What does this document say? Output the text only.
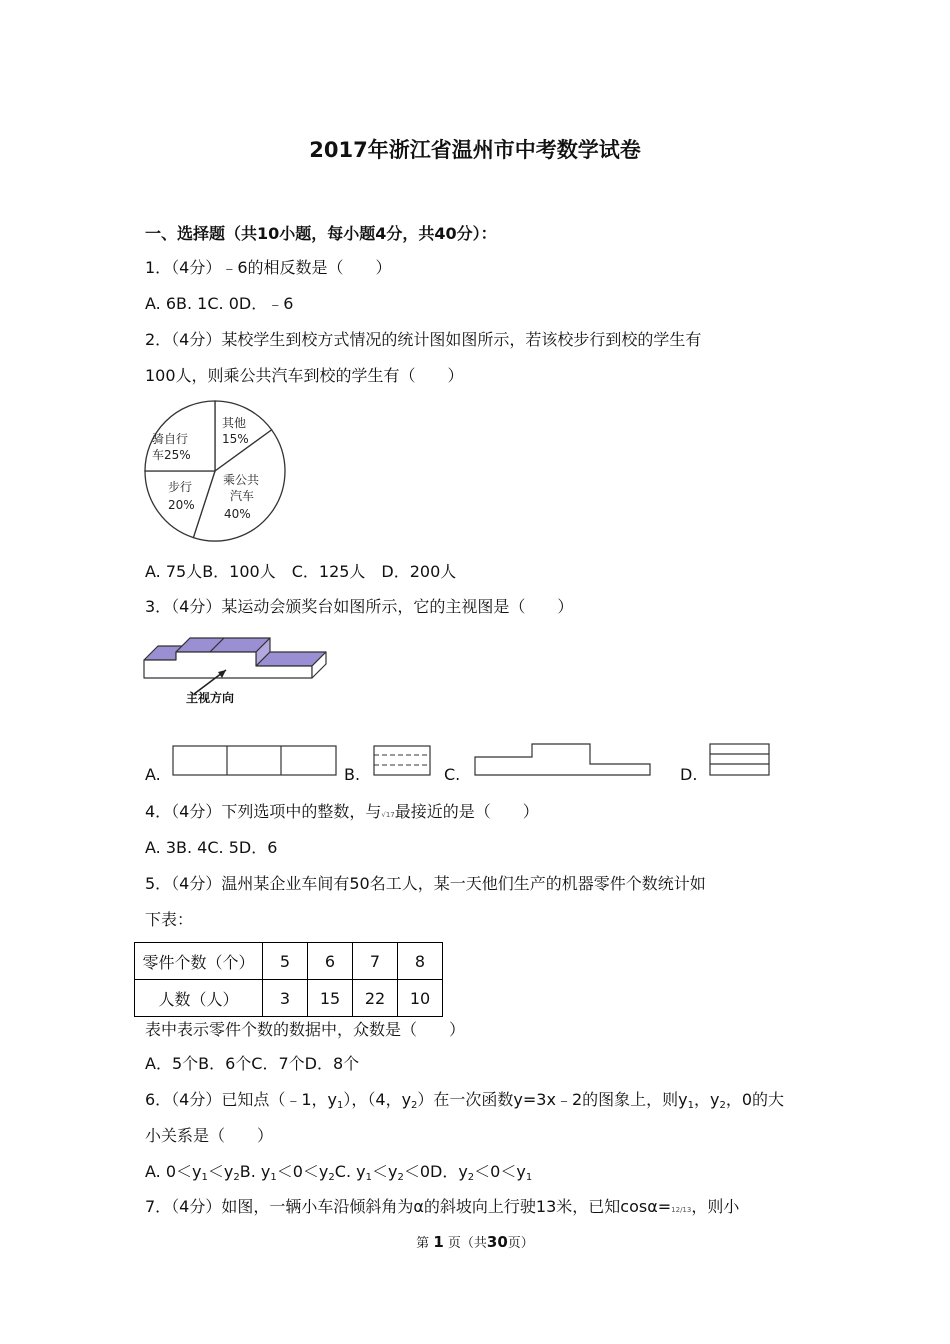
2017年浙江省温州市中考数学试卷
一、选择题（共10小题，每小题4分，共40分）：
1．（4分）﹣6的相反数是（　　）
A. 6B. 1C. 0D．﹣6
2．（4分）某校学生到校方式情况的统计图如图所示，若该校步行到校的学生有
100人，则乘公共汽车到校的学生有（　　）
其他
15%
乘公共
汽车
40%
步行
20%
骑自行
车25%
A. 75人B．100人　C．125人　D．200人
3．（4分）某运动会颁奖台如图所示，它的主视图是（　　）
主视方向
A.	B.	C.	D.
4．（4分）下列选项中的整数，与√17最接近的是（　　）
A. 3B. 4C. 5D．6
5．（4分）温州某企业车间有50名工人，某一天他们生产的机器零件个数统计如
下表：
零件个数（个）	5	6	7	8
人数（人）	3	15	22	10
表中表示零件个数的数据中，众数是（　　）
A．5个B．6个C．7个D．8个
6．（4分）已知点（﹣1，$y_1$），（4，$y_2$）在一次函数y=3x﹣2的图象上，则$y_1$，$y_2$，0的大
小关系是（　　）
A. $0<y_1<y_2B$. $y_1<0<y_2C$. $y_1<y_2<0D$．$y_2<0<y_1$
7．（4分）如图，一辆小车沿倾斜角为α的斜坡向上行驶13米，已知cosα=12/13，则小
第 1 页（共30页）
